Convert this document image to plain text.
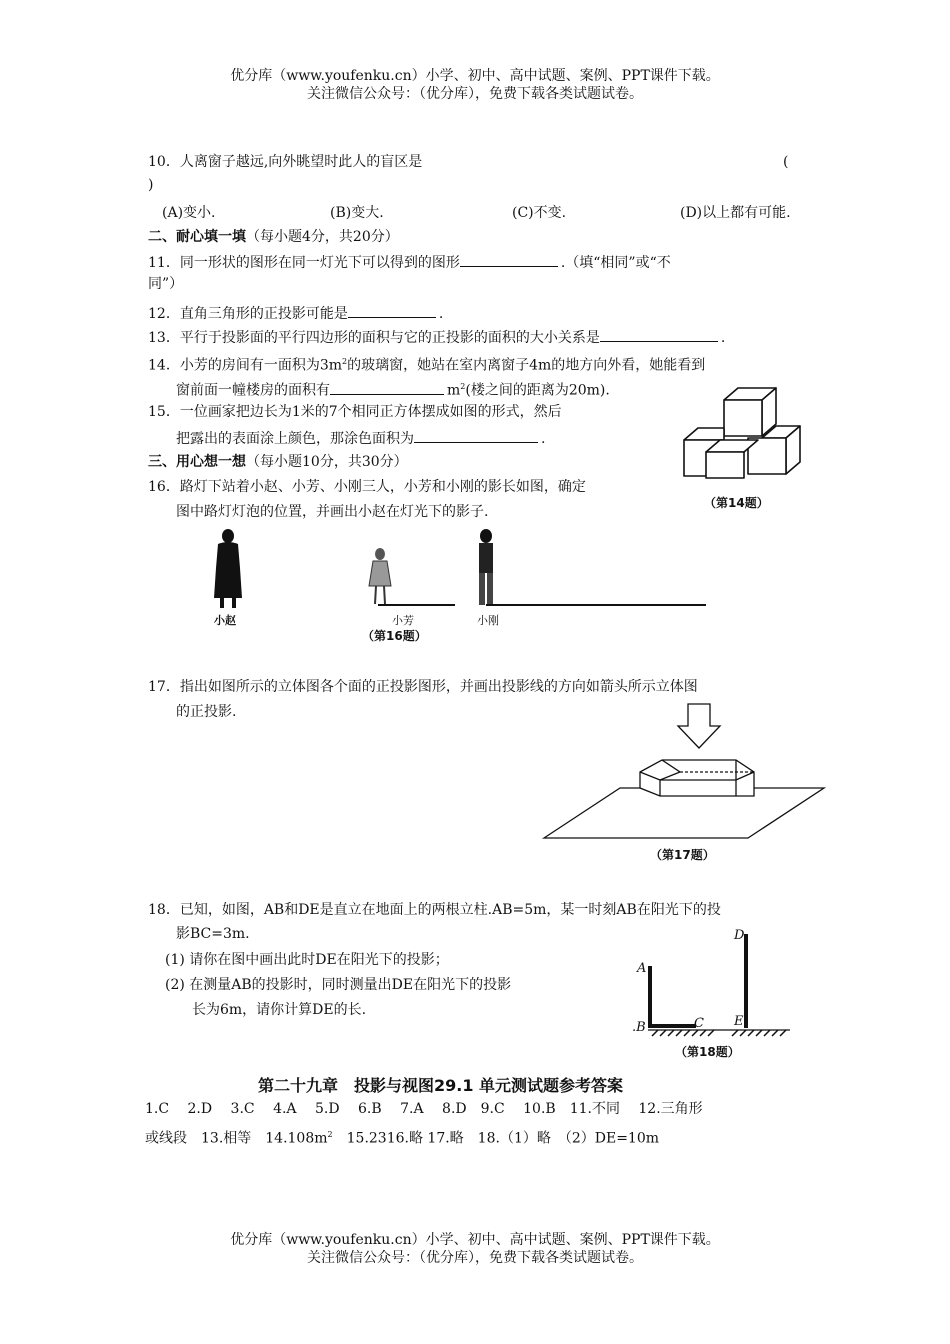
优分库（www.youfenku.cn）小学、初中、高中试题、案例、PPT课件下载。
关注微信公众号：（优分库），免费下载各类试题试卷。
10．人离窗子越远,向外眺望时此人的盲区是	(
)
(A)变小.	(B)变大.	(C)不变.	(D)以上都有可能.
二、耐心填一填（每小题4分，共20分）
11．同一形状的图形在同一灯光下可以得到的图形	.（填“相同”或“不
同”）
12．直角三角形的正投影可能是	.
13．平行于投影面的平行四边形的面积与它的正投影的面积的大小关系是	.
14．小芳的房间有一面积为$3m^2$的玻璃窗，她站在室内离窗子4m的地方向外看，她能看到
窗前面一幢楼房的面积有	$m^2$(楼之间的距离为20m).
15．一位画家把边长为1米的7个相同正方体摆成如图的形式，然后
把露出的表面涂上颜色，那涂色面积为	.
三、用心想一想（每小题10分，共30分）
16．路灯下站着小赵、小芳、小刚三人，小芳和小刚的影长如图，确定
图中路灯灯泡的位置，并画出小赵在灯光下的影子.
（第14题）
小赵	小芳	小刚
（第16题）
17．指出如图所示的立体图各个面的正投影图形，并画出投影线的方向如箭头所示立体图
的正投影.
（第17题）
18．已知，如图，AB和DE是直立在地面上的两根立柱.AB=5m，某一时刻AB在阳光下的投
影BC=3m.
(1) 请你在图中画出此时DE在阳光下的投影；
(2) 在测量AB的投影时，同时测量出DE在阳光下的投影
长为6m，请你计算DE的长.
A
.B	C
D
E
（第18题）
第二十九章　投影与视图29.1 单元测试题参考答案
1.C　 2.D　 3.C　 4.A　 5.D　 6.B　 7.A　 8.D　9.C　 10.B　11.不同　 12.三角形
或线段　13.相等　$14.108m^2$　15.2316.略 17.略　18.（1）略　（2）DE=10m
优分库（www.youfenku.cn）小学、初中、高中试题、案例、PPT课件下载。
关注微信公众号：（优分库），免费下载各类试题试卷。
